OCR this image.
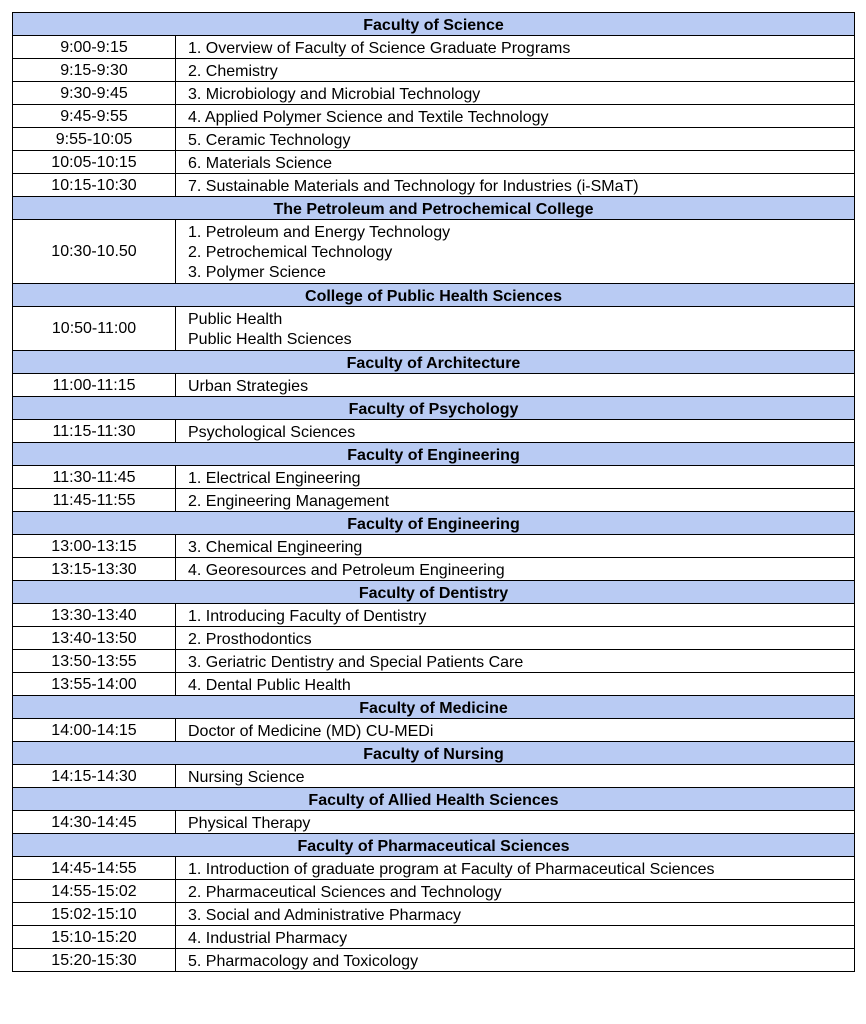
Faculty of Science	
9:00-9:15	1. Overview of Faculty of Science Graduate Programs

9:15-9:30	2. Chemistry

9:30-9:45	3. Microbiology and Microbial Technology

9:45-9:55	4. Applied Polymer Science and Textile Technology

9:55-10:05	5. Ceramic Technology

10:05-10:15	6. Materials Science

10:15-10:30	7. Sustainable Materials and Technology for Industries (i-SMaT)

The Petroleum and Petrochemical College	
10:30-10.50	1. Petroleum and Energy Technology
2. Petrochemical Technology
3. Polymer Science

College of Public Health Sciences	
10:50-11:00	Public Health
Public Health Sciences

Faculty of Architecture	
11:00-11:15	Urban Strategies

Faculty of Psychology	
11:15-11:30	Psychological Sciences

Faculty of Engineering	
11:30-11:45	1. Electrical Engineering

11:45-11:55	2. Engineering Management

Faculty of Engineering	
13:00-13:15	3. Chemical Engineering

13:15-13:30	4. Georesources and Petroleum Engineering

Faculty of Dentistry	
13:30-13:40	1. Introducing Faculty of Dentistry

13:40-13:50	2. Prosthodontics

13:50-13:55	3. Geriatric Dentistry and Special Patients Care

13:55-14:00	4. Dental Public Health

Faculty of Medicine	
14:00-14:15	Doctor of Medicine (MD) CU-MEDi

Faculty of Nursing	
14:15-14:30	Nursing Science

Faculty of Allied Health Sciences	
14:30-14:45	Physical Therapy

Faculty of Pharmaceutical Sciences	
14:45-14:55	1. Introduction of graduate program at Faculty of Pharmaceutical Sciences

14:55-15:02	2. Pharmaceutical Sciences and Technology

15:02-15:10	3. Social and Administrative Pharmacy

15:10-15:20	4. Industrial Pharmacy

15:20-15:30	5. Pharmacology and Toxicology
